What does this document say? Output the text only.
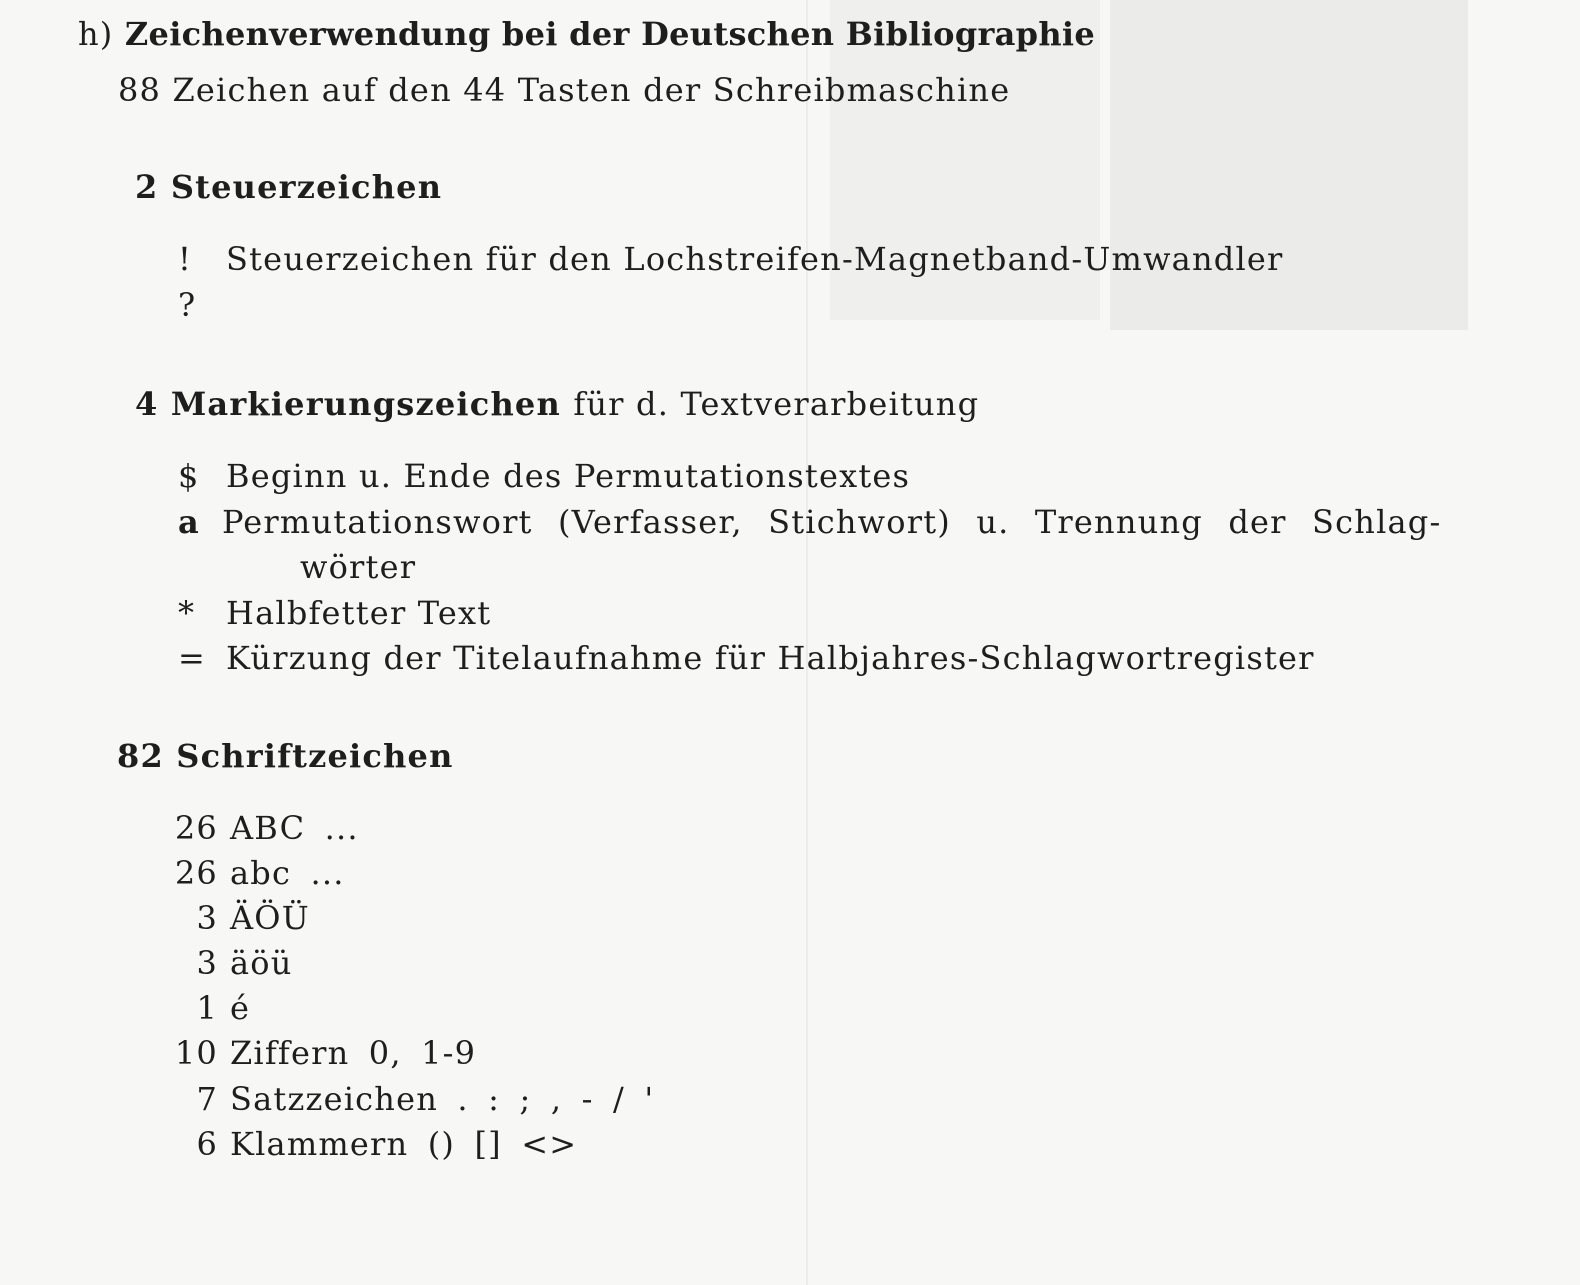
h) Zeichenverwendung bei der Deutschen Bibliographie
88 Zeichen auf den 44 Tasten der Schreibmaschine
2 Steuerzeichen
! Steuerzeichen für den Lochstreifen-Magnetband-Umwandler
?
4 Markierungszeichen für d. Textverarbeitung
$ Beginn u. Ende des Permutationstextes
a Permutationswort (Verfasser, Stichwort) u. Trennung der Schlag-
wörter
* Halbfetter Text
= Kürzung der Titelaufnahme für Halbjahres-Schlagwortregister
82 Schriftzeichen
26 ABC ...
26 abc ...
3 ÄÖÜ
3 äöü
1 é
10 Ziffern 0, 1-9
7 Satzzeichen . : ; , - / '
6 Klammern () [] <>
